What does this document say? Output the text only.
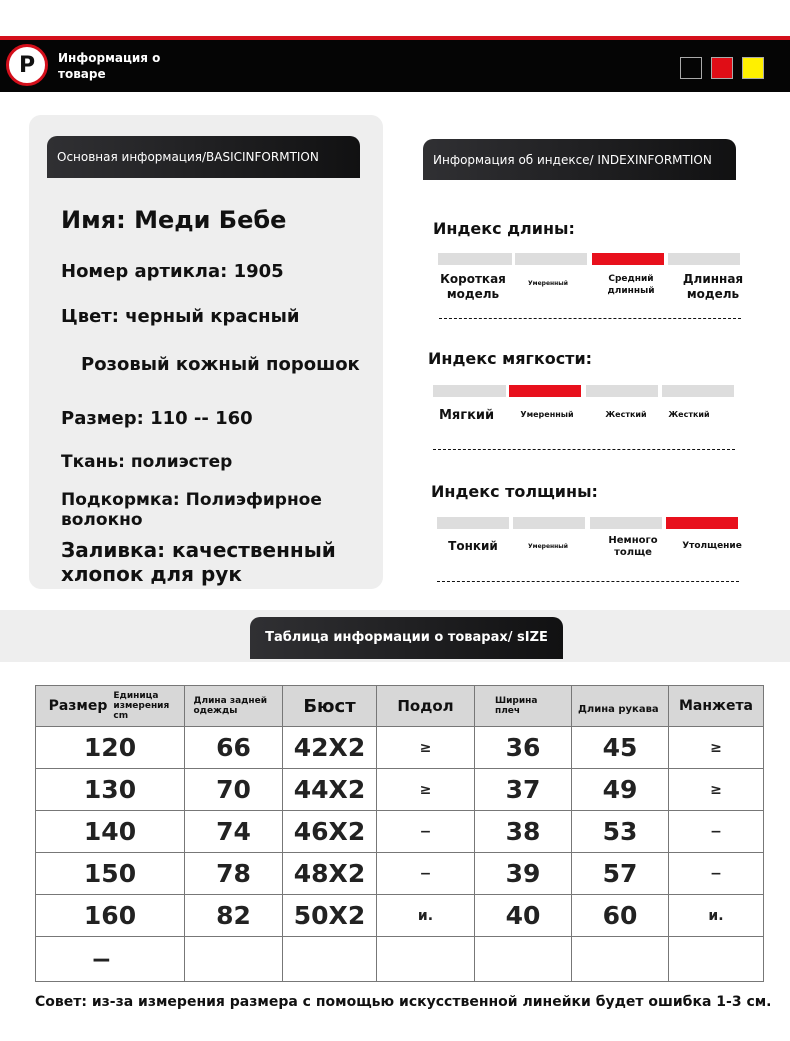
P Информация о товаре
Основная информация/BASICINFORMTION
Имя: Меди Бебе
Номер артикла: 1905
Цвет: черный красный
Розовый кожный порошок
Размер: 110 -- 160
Ткань: полиэстер
Подкормка: Полиэфирное волокно
Заливка: качественный хлопок для рук
Информация об индексе/ INDEXINFORMTION
Индекс длины:
Короткая модель
Умеренный	Средний длинный
Длинная модель
Индекс мягкости:
Мягкий	Умеренный	Жесткий	Жесткий
Индекс толщины:
Тонкий	Умеренный
Немного толще
Утолщение
Таблица информации о товарах/ sIZE
Размер
Единица измерения cm	Длина задней одежды	Бюст	Подол	Ширина плеч	Длина рукава	Манжета
120	66	42X2	≥	36	45	≥
130	70	44X2	≥	37	49	≥
140	74	46X2	−	38	53	−
150	78	48X2	−	39	57	−
160	82	50X2	и.	40	60	и.
−						
Совет: из-за измерения размера с помощью искусственной линейки будет ошибка 1-3 см.
